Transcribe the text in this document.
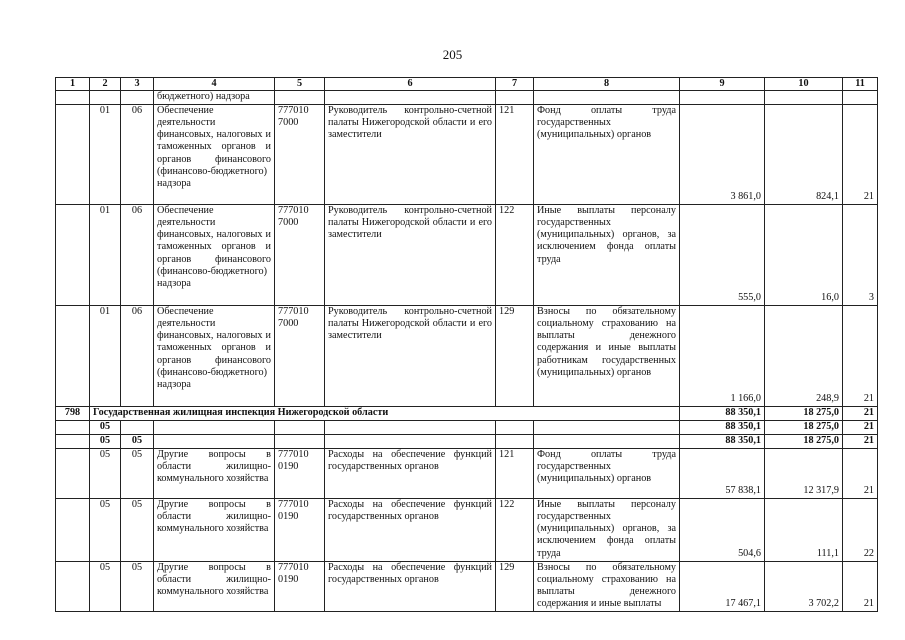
205
1	2	3	4	5	6	7	8	9	10	11
			бюджетного) надзора							
	01	06	Обеспечение деятельности финансовых, налоговых и таможенных органов и органов финансового (финансово-бюджетного) надзора	777010 7000	Руководитель контрольно-счетной палаты Нижегородской области и его заместители	121	Фонд оплаты труда государственных (муниципальных) органов	3 861,0	824,1	21
	01	06	Обеспечение деятельности финансовых, налоговых и таможенных органов и органов финансового (финансово-бюджетного) надзора	777010 7000	Руководитель контрольно-счетной палаты Нижегородской области и его заместители	122	Иные выплаты персоналу государственных (муниципальных) органов, за исключением фонда оплаты труда	555,0	16,0	3
	01	06	Обеспечение деятельности финансовых, налоговых и таможенных органов и органов финансового (финансово-бюджетного) надзора	777010 7000	Руководитель контрольно-счетной палаты Нижегородской области и его заместители	129	Взносы по обязательному социальному страхованию на выплаты денежного содержания и иные выплаты работникам государственных (муниципальных) органов	1 166,0	248,9	21
798	Государственная жилищная инспекция Нижегородской области							88 350,1	18 275,0	21
	05							88 350,1	18 275,0	21
	05	05						88 350,1	18 275,0	21
	05	05	Другие вопросы в области жилищно-коммунального хозяйства	777010 0190	Расходы на обеспечение функций государственных органов	121	Фонд оплаты труда государственных (муниципальных) органов	57 838,1	12 317,9	21
	05	05	Другие вопросы в области жилищно-коммунального хозяйства	777010 0190	Расходы на обеспечение функций государственных органов	122	Иные выплаты персоналу государственных (муниципальных) органов, за исключением фонда оплаты труда	504,6	111,1	22
	05	05	Другие вопросы в области жилищно-коммунального хозяйства	777010 0190	Расходы на обеспечение функций государственных органов	129	Взносы по обязательному социальному страхованию на выплаты денежного содержания и иные выплаты	17 467,1	3 702,2	21
